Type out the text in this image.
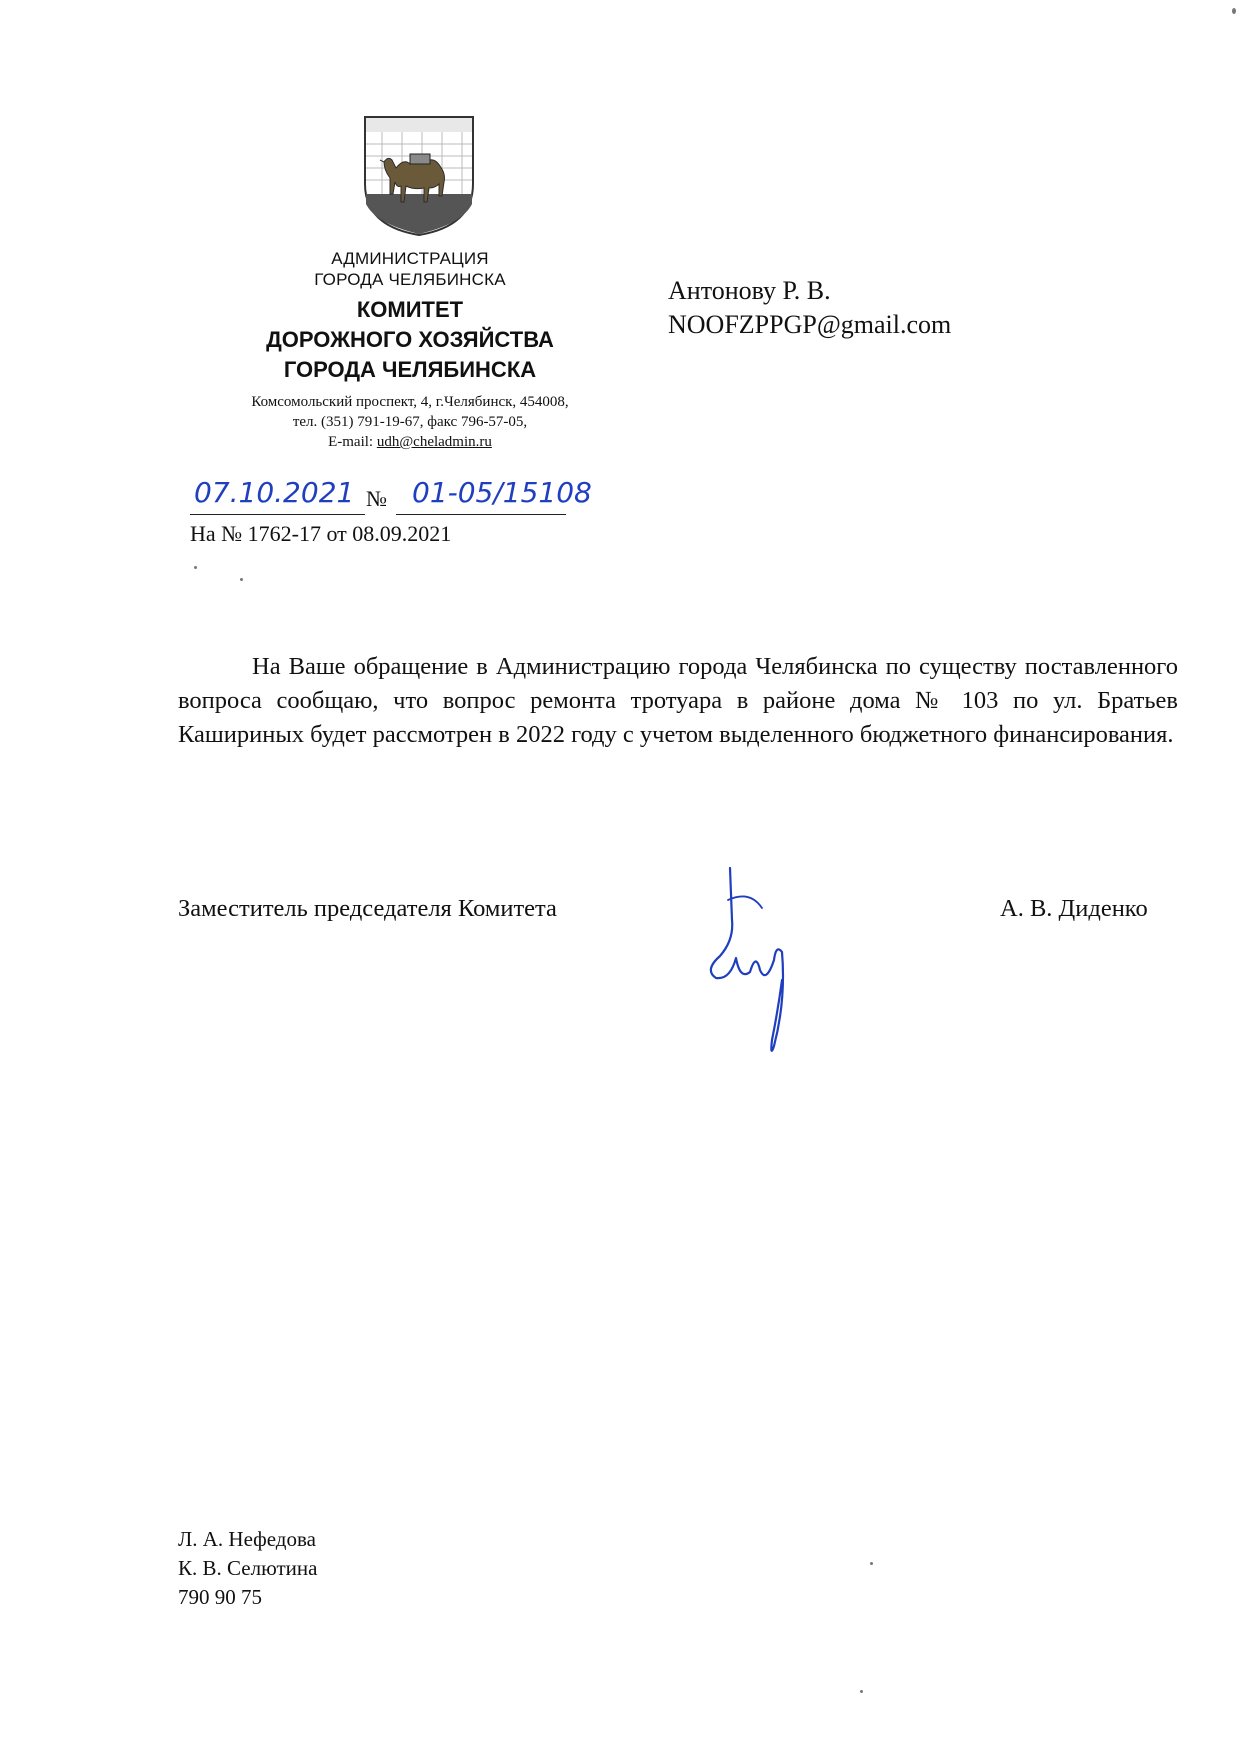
АДМИНИСТРАЦИЯ
ГОРОДА ЧЕЛЯБИНСКА
КОМИТЕТ
ДОРОЖНОГО ХОЗЯЙСТВА
ГОРОДА ЧЕЛЯБИНСКА
Комсомольский проспект, 4, г.Челябинск, 454008,
тел. (351) 791-19-67, факс 796-57-05,
E-mail: udh@cheladmin.ru
Антонову Р. В.
NOOFZPPGP@gmail.com
07.10.2021 № 01-05/15108
На № 1762-17 от 08.09.2021

На Ваше обращение в Администрацию города Челябинска по существу поставленного вопроса сообщаю, что вопрос ремонта тротуара в районе дома № 103 по ул. Братьев Кашириных будет рассмотрен в 2022 году с учетом выделенного бюджетного финансирования.

Заместитель председателя Комитета	А. В. Диденко
Л. А. Нефедова
К. В. Селютина
790 90 75
